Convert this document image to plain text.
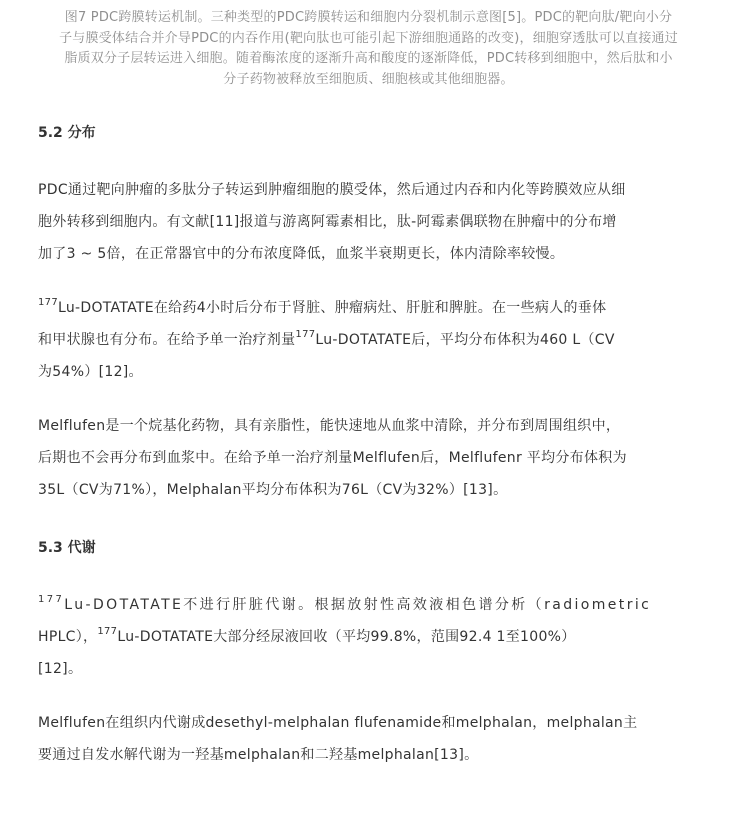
图7 PDC跨膜转运机制。三种类型的PDC跨膜转运和细胞内分裂机制示意图[5]。PDC的靶向肽/靶向小分
子与膜受体结合并介导PDC的内吞作用(靶向肽也可能引起下游细胞通路的改变)，细胞穿透肽可以直接通过
脂质双分子层转运进入细胞。随着酶浓度的逐渐升高和酸度的逐渐降低，PDC转移到细胞中，然后肽和小
分子药物被释放至细胞质、细胞核或其他细胞器。
5.2 分布
PDC通过靶向肿瘤的多肽分子转运到肿瘤细胞的膜受体，然后通过内吞和内化等跨膜效应从细
胞外转移到细胞内。有文献[11]报道与游离阿霉素相比，肽-阿霉素偶联物在肿瘤中的分布增
加了3 ~ 5倍，在正常器官中的分布浓度降低，血浆半衰期更长，体内清除率较慢。
$^{177}$Lu-DOTATATE在给药4小时后分布于肾脏、肿瘤病灶、肝脏和脾脏。在一些病人的垂体
和甲状腺也有分布。在给予单一治疗剂量$^{177}$Lu-DOTATATE后，平均分布体积为460 L（CV
为54%）[12]。
Melflufen是一个烷基化药物，具有亲脂性，能快速地从血浆中清除，并分布到周围组织中，
后期也不会再分布到血浆中。在给予单一治疗剂量Melflufen后，Melflufenr 平均分布体积为
35L（CV为71%），Melphalan平均分布体积为76L（CV为32%）[13]。
5.3 代谢
$^{177}$Lu-DOTATATE不进行肝脏代谢。根据放射性高效液相色谱分析（radiometric
HPLC），$^{177}$Lu-DOTATATE大部分经尿液回收（平均99.8%，范围92.4 1至100%）
[12]。
Melflufen在组织内代谢成desethyl-melphalan flufenamide和melphalan，melphalan主
要通过自发水解代谢为一羟基melphalan和二羟基melphalan[13]。
